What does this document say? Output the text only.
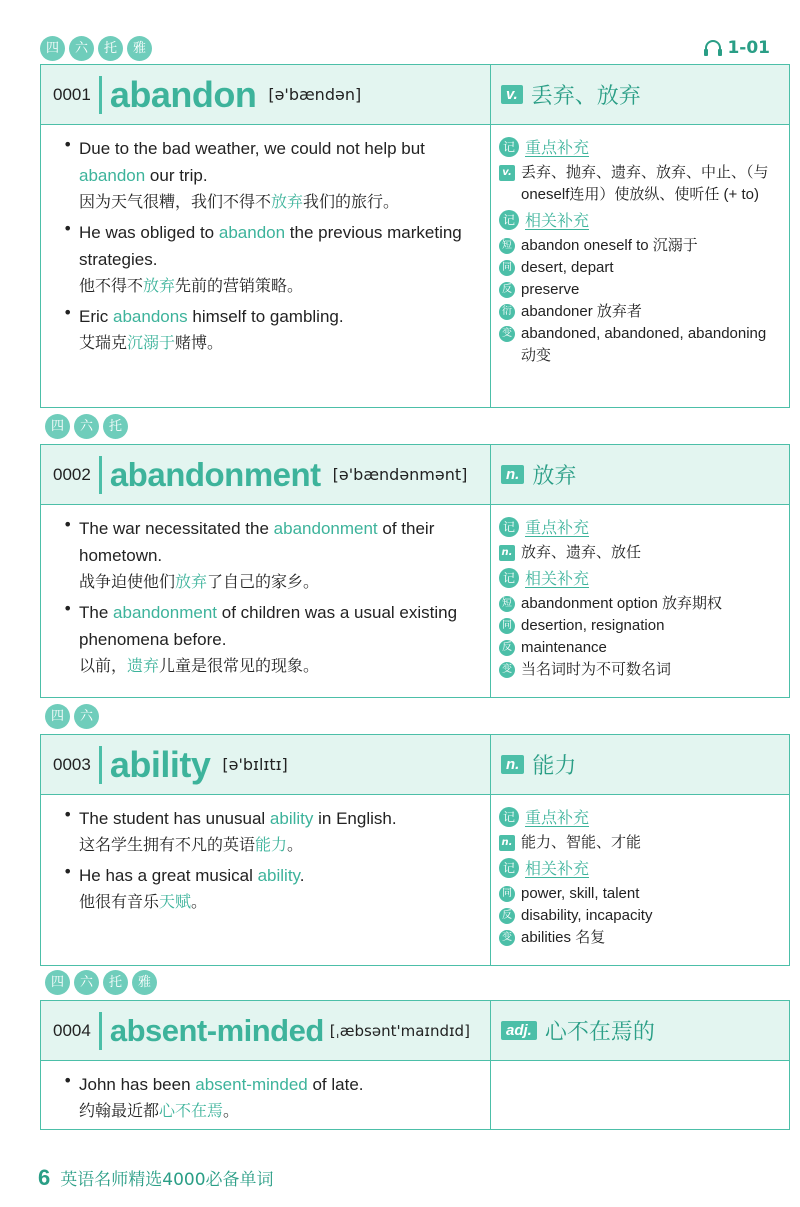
四	六	托	雅	1-01
0001 abandon [ə'bændən]	v. 丢弃、放弃
• Due to the bad weather, we could not help but abandon our trip.
因为天气很糟，我们不得不放弃我们的旅行。
• He was obliged to abandon the previous marketing strategies.
他不得不放弃先前的营销策略。
• Eric abandons himself to gambling.
艾瑞克沉溺于赌博。
记 重点补充
v. 丢弃、抛弃、遗弃、放弃、中止、（与oneself连用）使放纵、使听任 (+ to)
记 相关补充
短 abandon oneself to 沉溺于
同 desert, depart
反 preserve
衍 abandoner 放弃者
变 abandoned, abandoned, abandoning 动变
四	六	托
0002 abandonment [ə'bændənmənt]	n. 放弃
• The war necessitated the abandonment of their hometown.
战争迫使他们放弃了自己的家乡。
• The abandonment of children was a usual existing phenomena before.
以前，遗弃儿童是很常见的现象。
记 重点补充
n. 放弃、遗弃、放任
记 相关补充
短 abandonment option 放弃期权
同 desertion, resignation
反 maintenance
变 当名词时为不可数名词
四	六
0003 ability [ə'bɪlɪtɪ]	n. 能力
• The student has unusual ability in English.
这名学生拥有不凡的英语能力。
• He has a great musical ability.
他很有音乐天赋。
记 重点补充
n. 能力、智能、才能
记 相关补充
同 power, skill, talent
反 disability, incapacity
变 abilities 名复
四	六	托	雅
0004 absent-minded [ˌæbsənt'maɪndɪd]	adj. 心不在焉的
• John has been absent-minded of late.
约翰最近都心不在焉。
6 英语名师精选4000必备单词
